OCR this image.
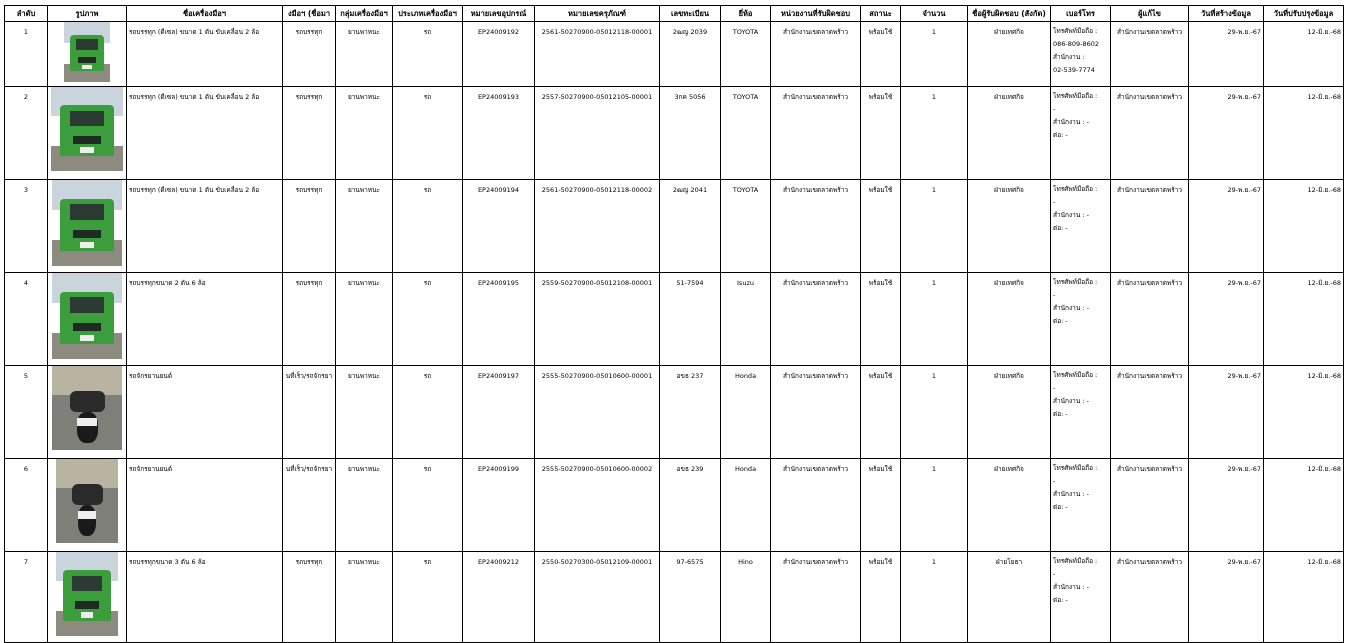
ลำดับ	รูปภาพ	ชื่อเครื่องมือฯ	งมือฯ (ชื่อมา	กลุ่มเครื่องมือฯ	ประเภทเครื่องมือฯ	หมายเลขอุปกรณ์	หมายเลขครุภัณฑ์	เลขทะเบียน	ยี่ห้อ	หน่วยงานที่รับผิดชอบ	สถานะ	จำนวน	ชื่อผู้รับผิดชอบ (สังกัด)	เบอร์โทร	ผู้แก้ไข	วันที่สร้างข้อมูล	วันที่ปรับปรุงข้อมูล
1		รถบรรทุก (ดีเซล) ขนาด 1 ตัน ขับเคลื่อน 2 ล้อ	รถบรรทุก	ยานพาหนะ	รถ	EP24009192	2561-50270900-05012118-00001	2ฒญ 2039	TOYOTA	สำนักงานเขตลาดพร้าว	พร้อมใช้	1	ฝ่ายเทศกิจ	โทรศัพท์มือถือ :
086-809-8602
สำนักงาน :
02-539-7774	สำนักงานเขตลาดพร้าว	29-พ.ย.-67	12-มิ.ย.-68
2		รถบรรทุก (ดีเซล) ขนาด 1 ตัน ขับเคลื่อน 2 ล้อ	รถบรรทุก	ยานพาหนะ	รถ	EP24009193	2557-50270900-05012105-00001	3กค 5056	TOYOTA	สำนักงานเขตลาดพร้าว	พร้อมใช้	1	ฝ่ายเทศกิจ	โทรศัพท์มือถือ :
-
สำนักงาน : -
ต่อ: -	สำนักงานเขตลาดพร้าว	29-พ.ย.-67	12-มิ.ย.-68
3		รถบรรทุก (ดีเซล) ขนาด 1 ตัน ขับเคลื่อน 2 ล้อ	รถบรรทุก	ยานพาหนะ	รถ	EP24009194	2561-50270900-05012118-00002	2ฒญ 2041	TOYOTA	สำนักงานเขตลาดพร้าว	พร้อมใช้	1	ฝ่ายเทศกิจ	โทรศัพท์มือถือ :
-
สำนักงาน : -
ต่อ: -	สำนักงานเขตลาดพร้าว	29-พ.ย.-67	12-มิ.ย.-68
4		รถบรรทุกขนาด 2 ตัน 6 ล้อ	รถบรรทุก	ยานพาหนะ	รถ	EP24009195	2559-50270900-05012108-00001	51-7594	Isuzu	สำนักงานเขตลาดพร้าว	พร้อมใช้	1	ฝ่ายเทศกิจ	โทรศัพท์มือถือ :
-
สำนักงาน : -
ต่อ: -	สำนักงานเขตลาดพร้าว	29-พ.ย.-67	12-มิ.ย.-68
5		รถจักรยานยนต์	นที่เร็ว/รถจักรยา	ยานพาหนะ	รถ	EP24009197	2555-50270900-05010600-00001	อขธ 237	Honda	สำนักงานเขตลาดพร้าว	พร้อมใช้	1	ฝ่ายเทศกิจ	โทรศัพท์มือถือ :
-
สำนักงาน : -
ต่อ: -	สำนักงานเขตลาดพร้าว	29-พ.ย.-67	12-มิ.ย.-68
6		รถจักรยานยนต์	นที่เร็ว/รถจักรยา	ยานพาหนะ	รถ	EP24009199	2555-50270900-05010600-00002	อขธ 239	Honda	สำนักงานเขตลาดพร้าว	พร้อมใช้	1	ฝ่ายเทศกิจ	โทรศัพท์มือถือ :
-
สำนักงาน : -
ต่อ: -	สำนักงานเขตลาดพร้าว	29-พ.ย.-67	12-มิ.ย.-68
7		รถบรรทุกขนาด 3 ตัน 6 ล้อ	รถบรรทุก	ยานพาหนะ	รถ	EP24009212	2550-50270300-05012109-00001	97-6575	Hino	สำนักงานเขตลาดพร้าว	พร้อมใช้	1	ฝ่ายโยธา	โทรศัพท์มือถือ :
-
สำนักงาน : -
ต่อ: -	สำนักงานเขตลาดพร้าว	29-พ.ย.-67	12-มิ.ย.-68
